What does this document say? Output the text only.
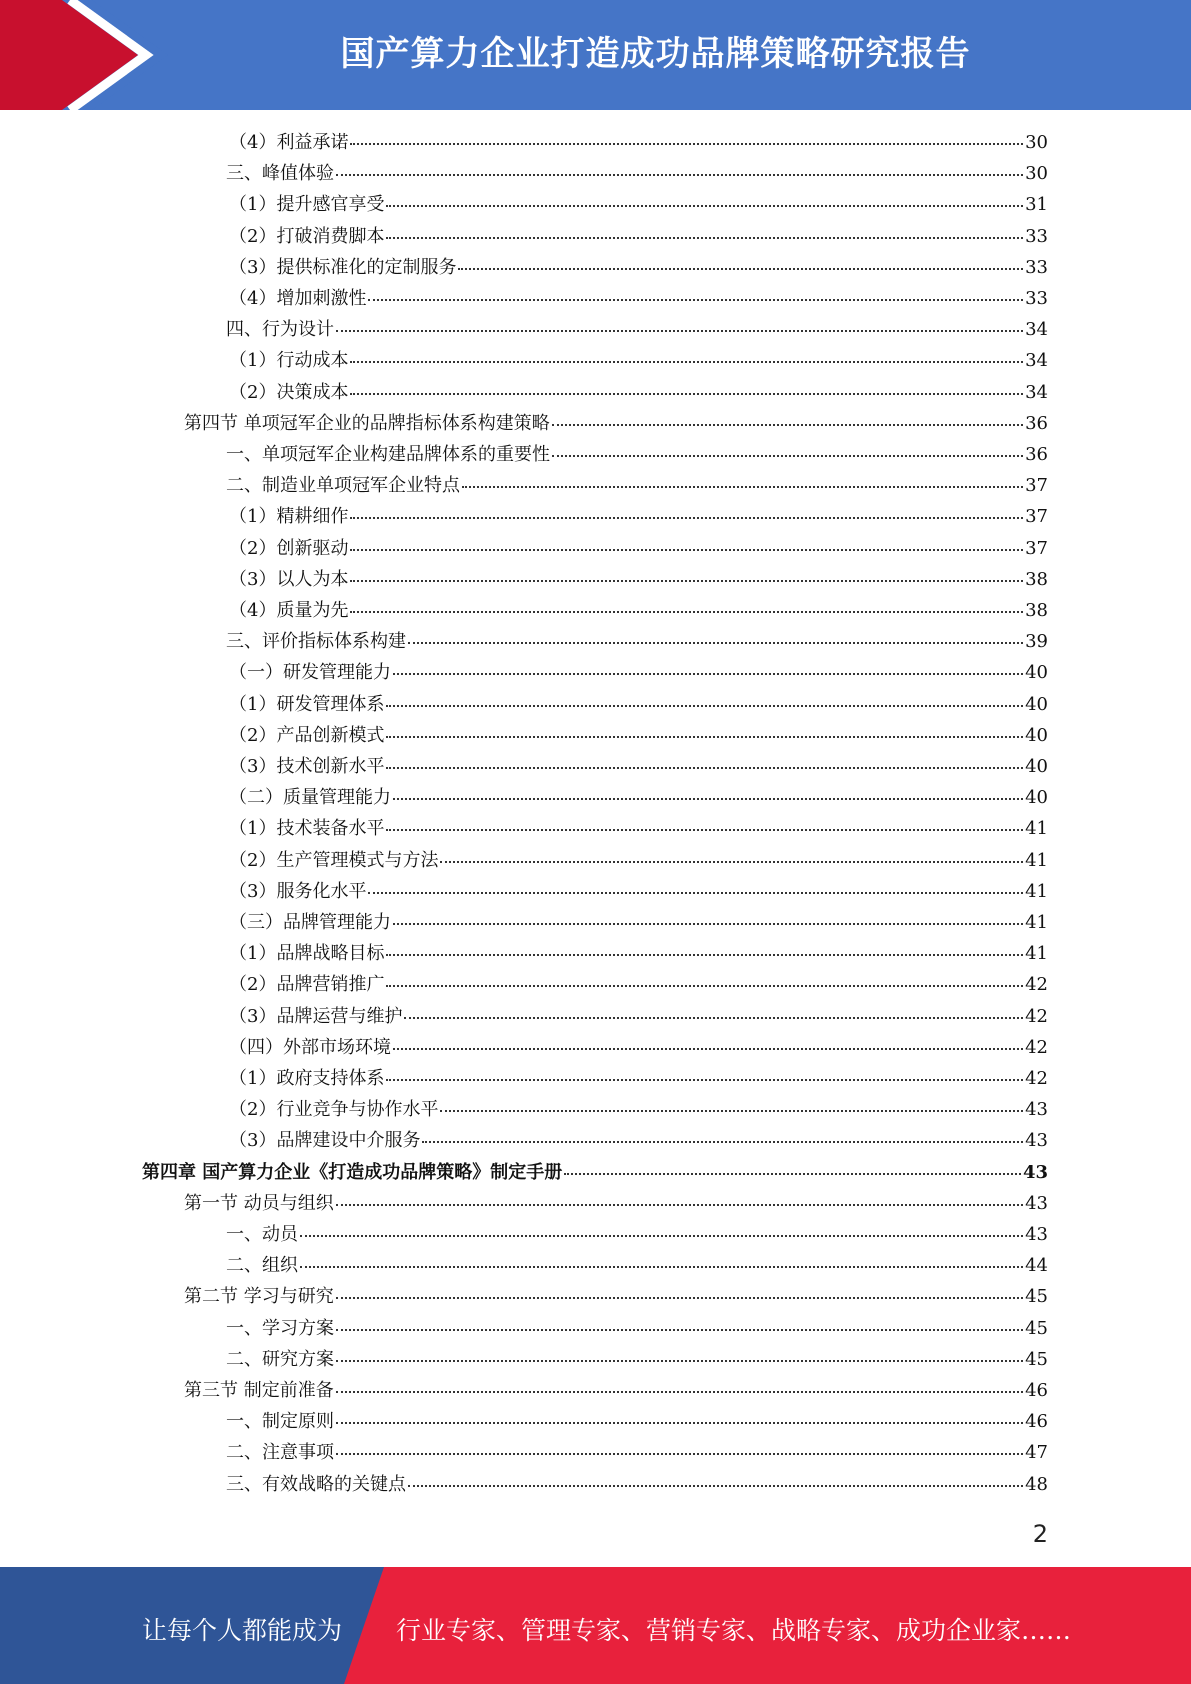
国产算力企业打造成功品牌策略研究报告
（4）利益承诺	30
三、峰值体验	30
（1）提升感官享受	31
（2）打破消费脚本	33
（3）提供标准化的定制服务	33
（4）增加刺激性	33
四、行为设计	34
（1）行动成本	34
（2）决策成本	34
第四节 单项冠军企业的品牌指标体系构建策略	36
一、单项冠军企业构建品牌体系的重要性	36
二、制造业单项冠军企业特点	37
（1）精耕细作	37
（2）创新驱动	37
（3）以人为本	38
（4）质量为先	38
三、评价指标体系构建	39
（一）研发管理能力	40
（1）研发管理体系	40
（2）产品创新模式	40
（3）技术创新水平	40
（二）质量管理能力	40
（1）技术装备水平	41
（2）生产管理模式与方法	41
（3）服务化水平	41
（三）品牌管理能力	41
（1）品牌战略目标	41
（2）品牌营销推广	42
（3）品牌运营与维护	42
（四）外部市场环境	42
（1）政府支持体系	42
（2）行业竞争与协作水平	43
（3）品牌建设中介服务	43
第四章 国产算力企业《打造成功品牌策略》制定手册	43
第一节 动员与组织	43
一、动员	43
二、组织	44
第二节 学习与研究	45
一、学习方案	45
二、研究方案	45
第三节 制定前准备	46
一、制定原则	46
二、注意事项	47
三、有效战略的关键点	48
2
让每个人都能成为 行业专家、管理专家、营销专家、战略专家、成功企业家……
